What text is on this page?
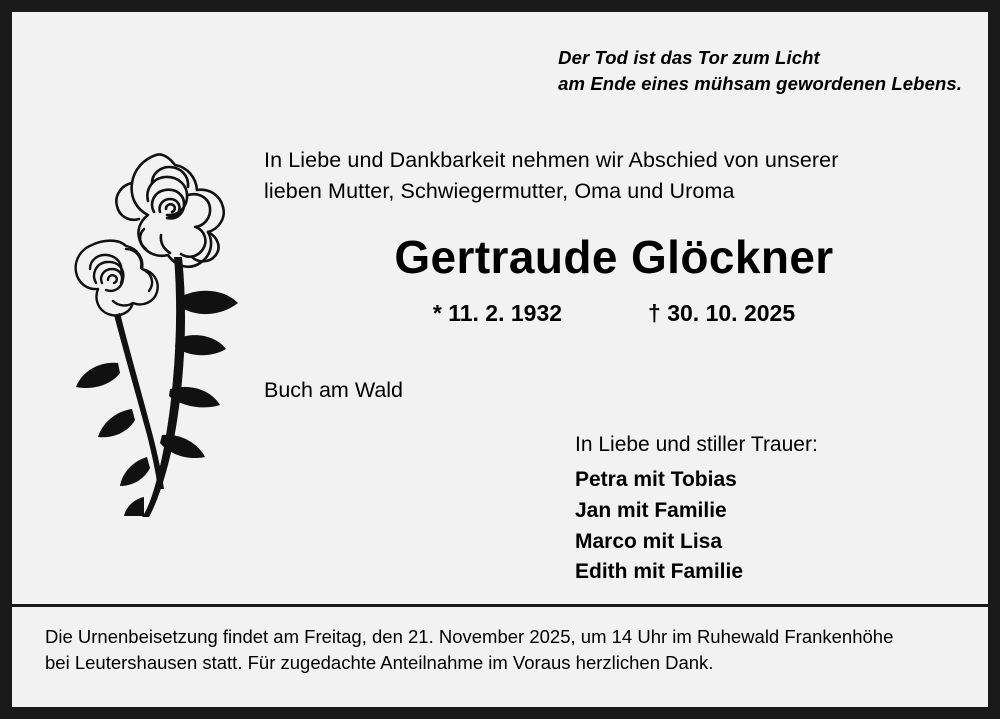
Der Tod ist das Tor zum Licht
am Ende eines mühsam gewordenen Lebens.
In Liebe und Dankbarkeit nehmen wir Abschied von unserer
lieben Mutter, Schwiegermutter, Oma und Uroma
Gertraude Glöckner
* 11. 2. 1932	† 30. 10. 2025
Buch am Wald
In Liebe und stiller Trauer:
Petra mit Tobias
Jan mit Familie
Marco mit Lisa
Edith mit Familie
Die Urnenbeisetzung findet am Freitag, den 21. November 2025, um 14 Uhr im Ruhewald Frankenhöhe
bei Leutershausen statt. Für zugedachte Anteilnahme im Voraus herzlichen Dank.
